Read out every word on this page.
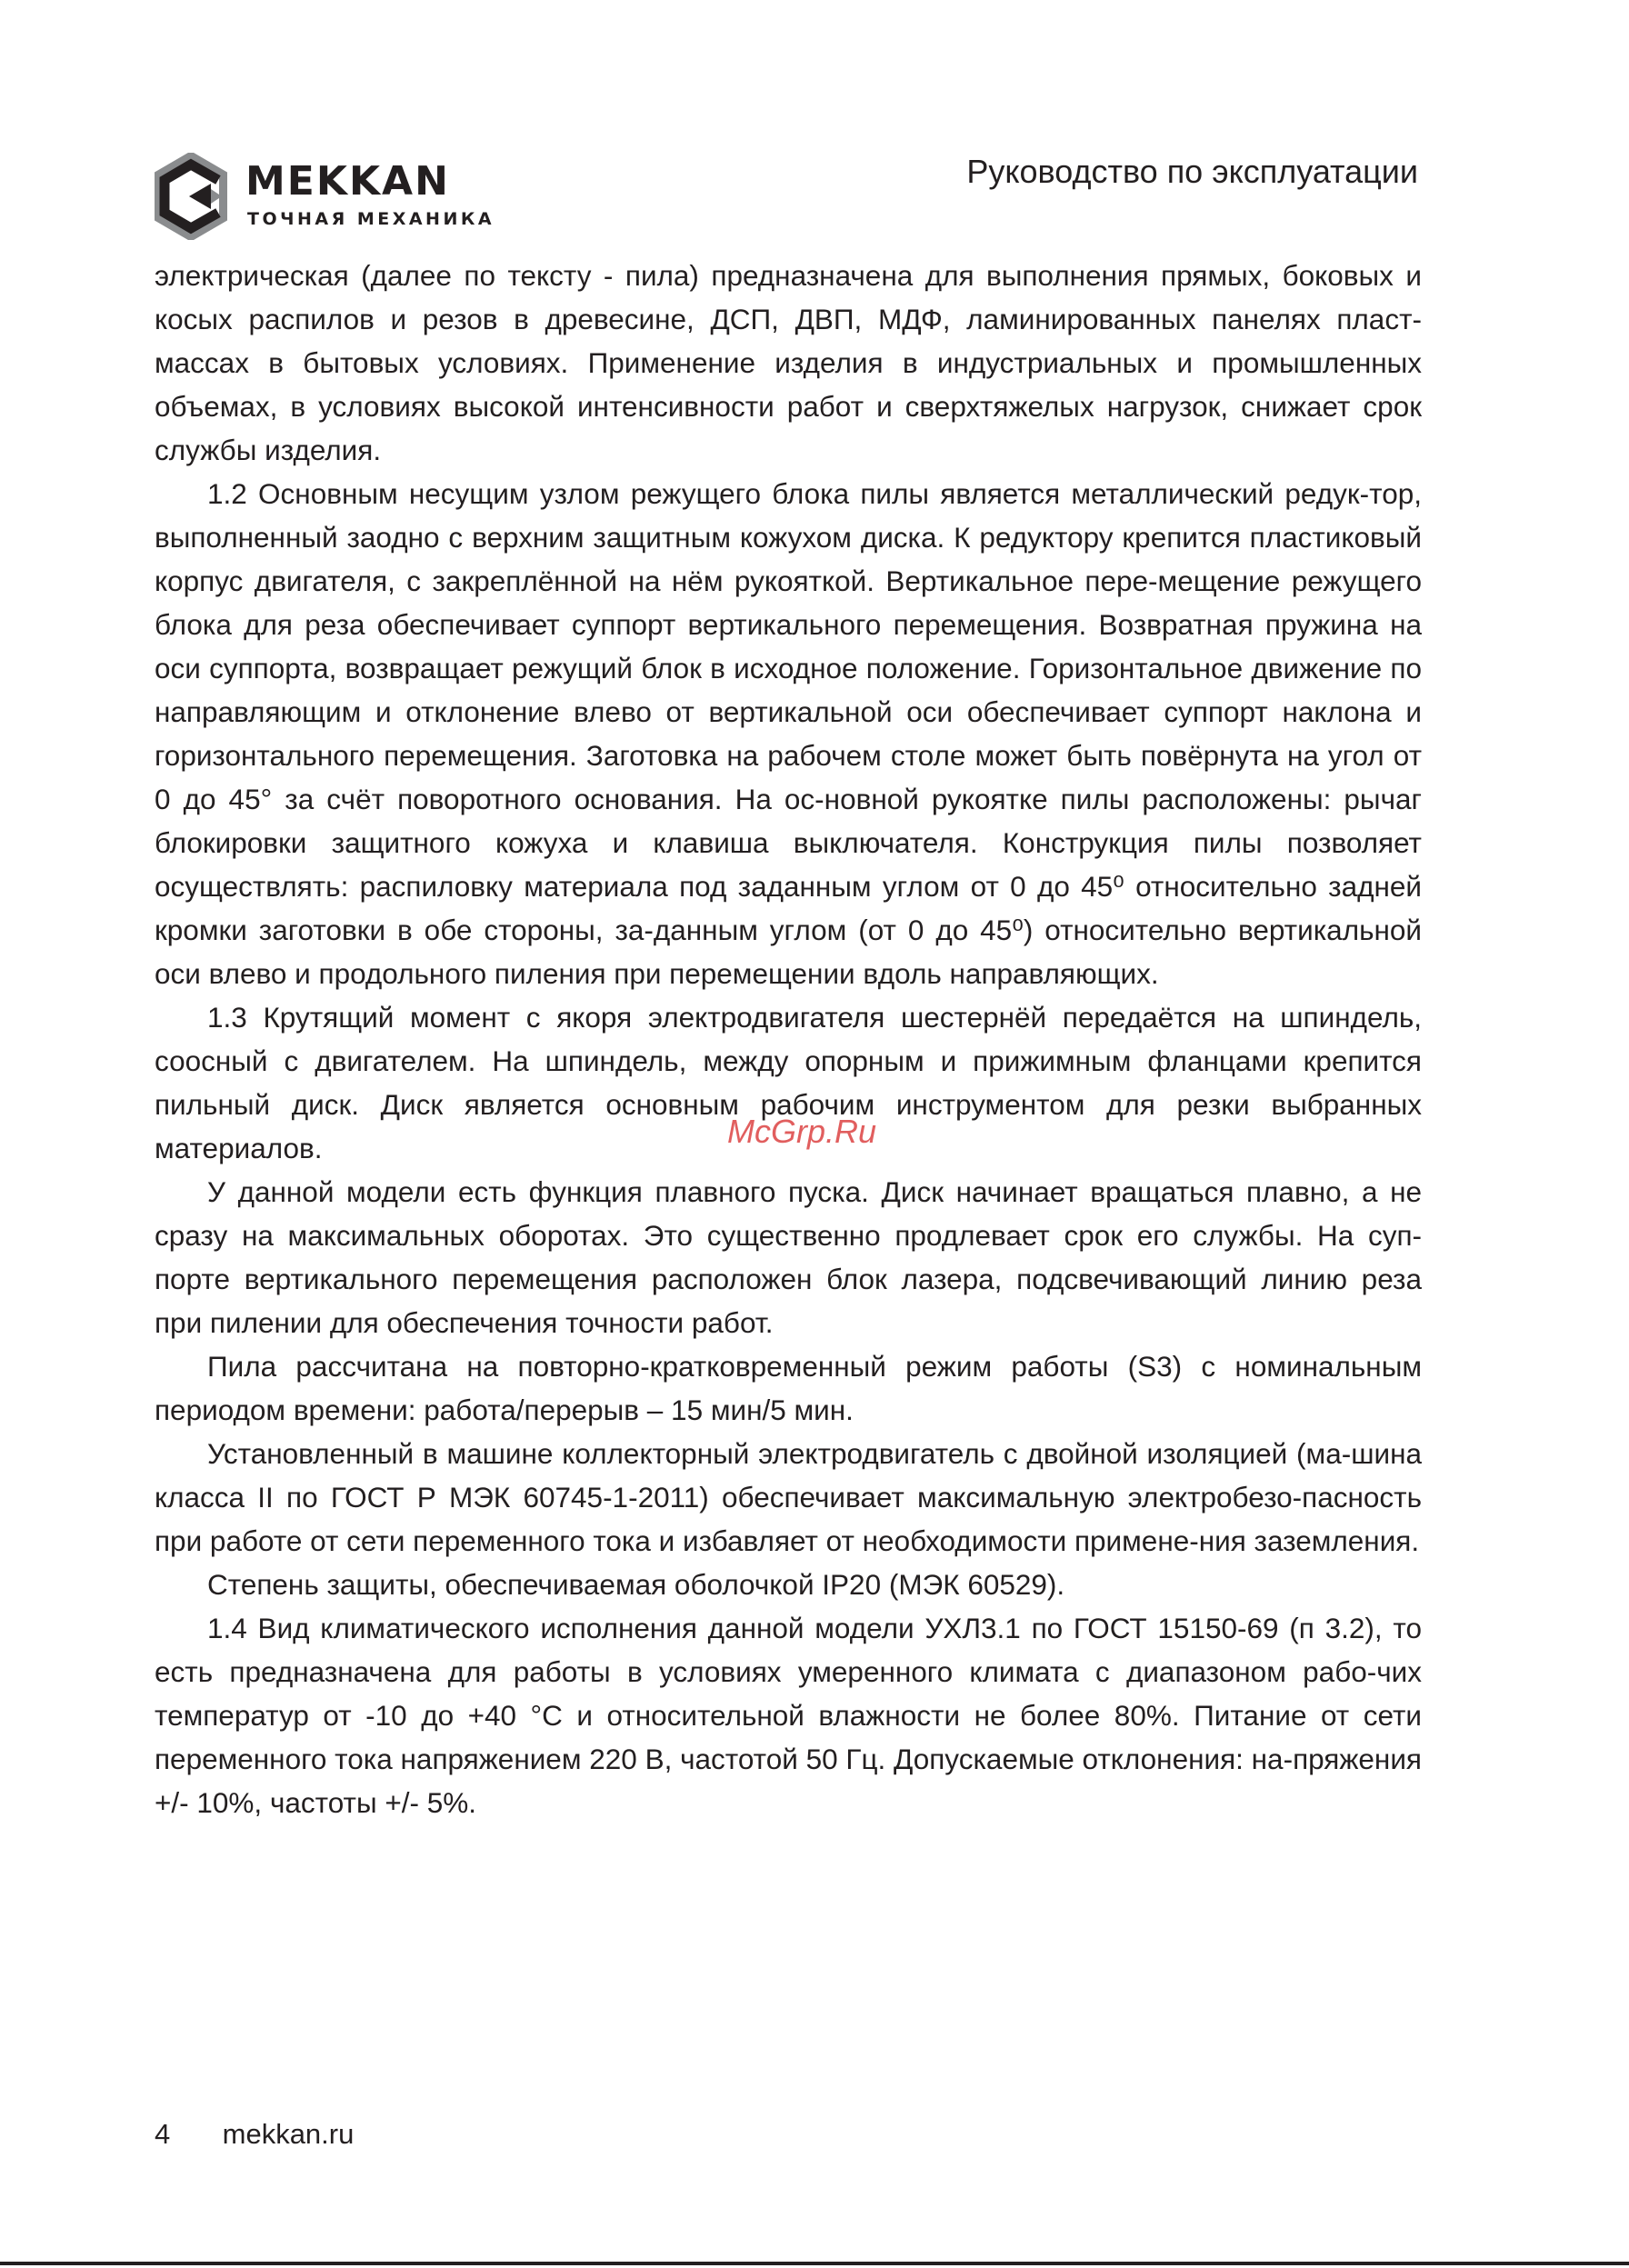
MEKKAN
ТОЧНАЯ МЕХАНИКА
Руководство по эксплуатации

электрическая (далее по тексту - пила) предназначена для выполнения прямых, боковых и косых распилов и резов в древесине, ДСП, ДВП, МДФ, ламинированных панелях пласт-массах в бытовых условиях. Применение изделия в индустриальных и промышленных объемах, в условиях высокой интенсивности работ и сверхтяжелых нагрузок, снижает срок службы изделия.

1.2 Основным несущим узлом режущего блока пилы является металлический редук-тор, выполненный заодно с верхним защитным кожухом диска. К редуктору крепится пластиковый корпус двигателя, с закреплённой на нём рукояткой. Вертикальное пере-мещение режущего блока для реза обеспечивает суппорт вертикального перемещения. Возвратная пружина на оси суппорта, возвращает режущий блок в исходное положение. Горизонтальное движение по направляющим и отклонение влево от вертикальной оси обеспечивает суппорт наклона и горизонтального перемещения. Заготовка на рабочем столе может быть повёрнута на угол от 0 до 45° за счёт поворотного основания. На ос-новной рукоятке пилы расположены: рычаг блокировки защитного кожуха и клавиша выключателя. Конструкция пилы позволяет осуществлять: распиловку материала под заданным углом от 0 до 45⁰ относительно задней кромки заготовки в обе стороны, за-данным углом (от 0 до 45⁰) относительно вертикальной оси влево и продольного пиления при перемещении вдоль направляющих.

1.3 Крутящий момент с якоря электродвигателя шестернёй передаётся на шпиндель, соосный с двигателем. На шпиндель, между опорным и прижимным фланцами крепится пильный диск. Диск является основным рабочим инструментом для резки выбранных материалов.

У данной модели есть функция плавного пуска. Диск начинает вращаться плавно, а не сразу на максимальных оборотах. Это существенно продлевает срок его службы. На суп-порте вертикального перемещения расположен блок лазера, подсвечивающий линию реза при пилении для обеспечения точности работ.

Пила рассчитана на повторно-кратковременный режим работы (S3) с номинальным периодом времени: работа/перерыв – 15 мин/5 мин.

Установленный в машине коллекторный электродвигатель с двойной изоляцией (ма-шина класса II по ГОСТ Р МЭК 60745-1-2011) обеспечивает максимальную электробезо-пасность при работе от сети переменного тока и избавляет от необходимости примене-ния заземления.

Степень защиты, обеспечиваемая оболочкой IP20 (МЭК 60529).

1.4 Вид климатического исполнения данной модели УХЛ3.1 по ГОСТ 15150-69 (п 3.2), то есть предназначена для работы в условиях умеренного климата с диапазоном рабо-чих температур от -10 до +40 °C и относительной влажности не более 80%. Питание от сети переменного тока напряжением 220 В, частотой 50 Гц. Допускаемые отклонения: на-пряжения +/- 10%, частоты +/- 5%.

McGrp.Ru
4 mekkan.ru
